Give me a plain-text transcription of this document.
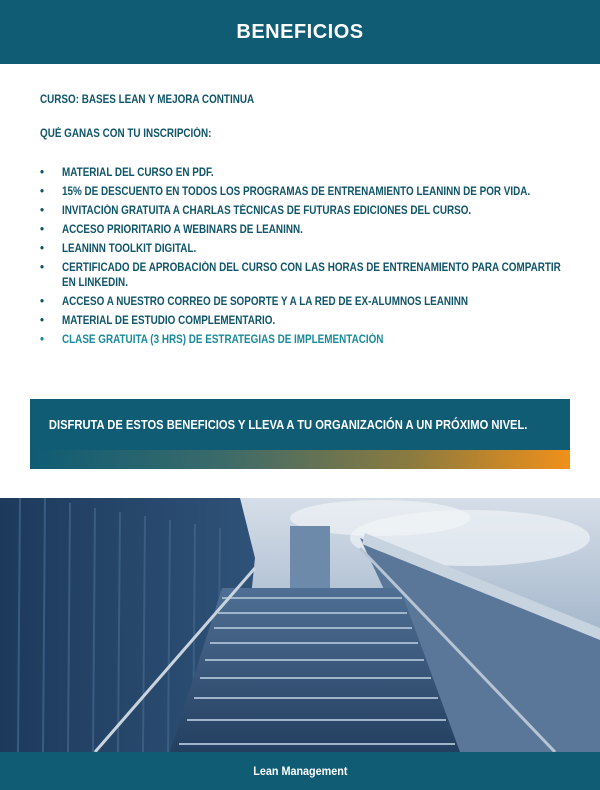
BENEFICIOS

CURSO: BASES LEAN Y MEJORA CONTINUA

QUÉ GANAS CON TU INSCRIPCIÓN:

• MATERIAL DEL CURSO EN PDF.
• 15% DE DESCUENTO EN TODOS LOS PROGRAMAS DE ENTRENAMIENTO LEANINN DE POR VIDA.
• INVITACIÓN GRATUITA A CHARLAS TÉCNICAS DE FUTURAS EDICIONES DEL CURSO.
• ACCESO PRIORITARIO A WEBINARS DE LEANINN.
• LEANINN TOOLKIT DIGITAL.
• CERTIFICADO DE APROBACIÓN DEL CURSO CON LAS HORAS DE ENTRENAMIENTO PARA COMPARTIR EN LINKEDIN.
• ACCESO A NUESTRO CORREO DE SOPORTE Y A LA RED DE EX-ALUMNOS LEANINN
• MATERIAL DE ESTUDIO COMPLEMENTARIO.
• CLASE GRATUITA (3 HRS) DE ESTRATEGIAS DE IMPLEMENTACIÓN
DISFRUTA DE ESTOS BENEFICIOS Y LLEVA A TU ORGANIZACIÓN A UN PRÓXIMO NIVEL.
Lean Management
